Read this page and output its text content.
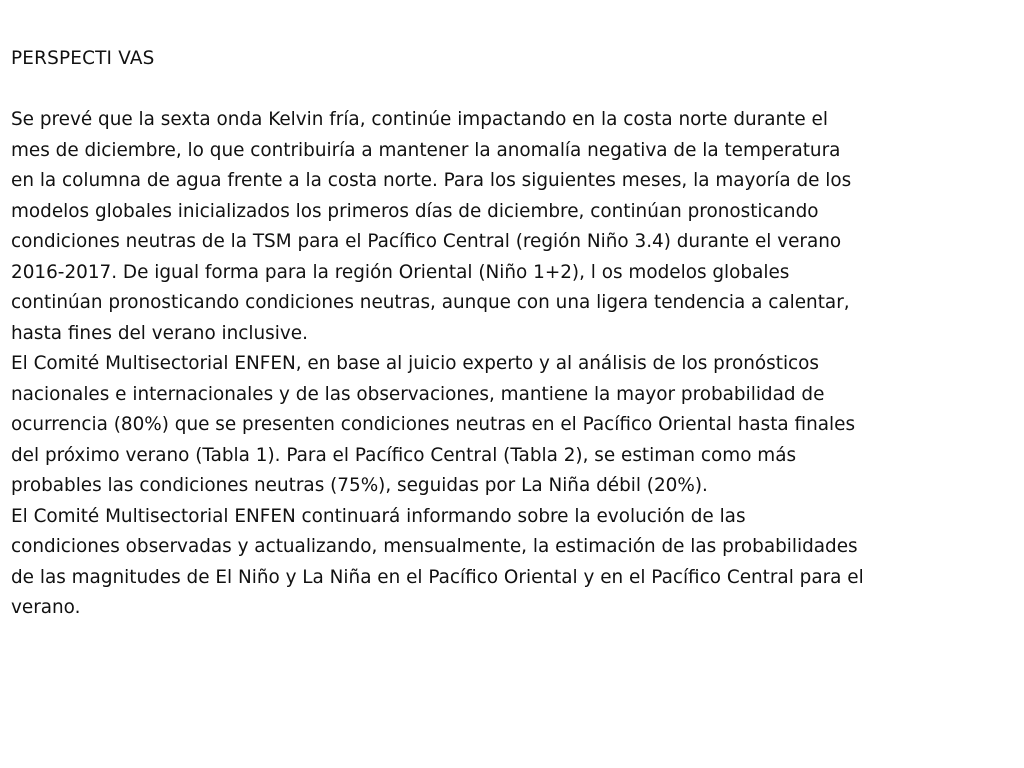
PERSPECTI VAS

Se prevé que la sexta onda Kelvin fría, continúe impactando en la costa norte durante el
mes de diciembre, lo que contribuiría a mantener la anomalía negativa de la temperatura
en la columna de agua frente a la costa norte. Para los siguientes meses, la mayoría de los
modelos globales inicializados los primeros días de diciembre, continúan pronosticando
condiciones neutras de la TSM para el Pacífico Central (región Niño 3.4) durante el verano
2016-2017. De igual forma para la región Oriental (Niño 1+2), l os modelos globales
continúan pronosticando condiciones neutras, aunque con una ligera tendencia a calentar,
hasta fines del verano inclusive.

El Comité Multisectorial ENFEN, en base al juicio experto y al análisis de los pronósticos
nacionales e internacionales y de las observaciones, mantiene la mayor probabilidad de
ocurrencia (80%) que se presenten condiciones neutras en el Pacífico Oriental hasta finales
del próximo verano (Tabla 1). Para el Pacífico Central (Tabla 2), se estiman como más
probables las condiciones neutras (75%), seguidas por La Niña débil (20%).

El Comité Multisectorial ENFEN continuará informando sobre la evolución de las
condiciones observadas y actualizando, mensualmente, la estimación de las probabilidades
de las magnitudes de El Niño y La Niña en el Pacífico Oriental y en el Pacífico Central para el
verano.
